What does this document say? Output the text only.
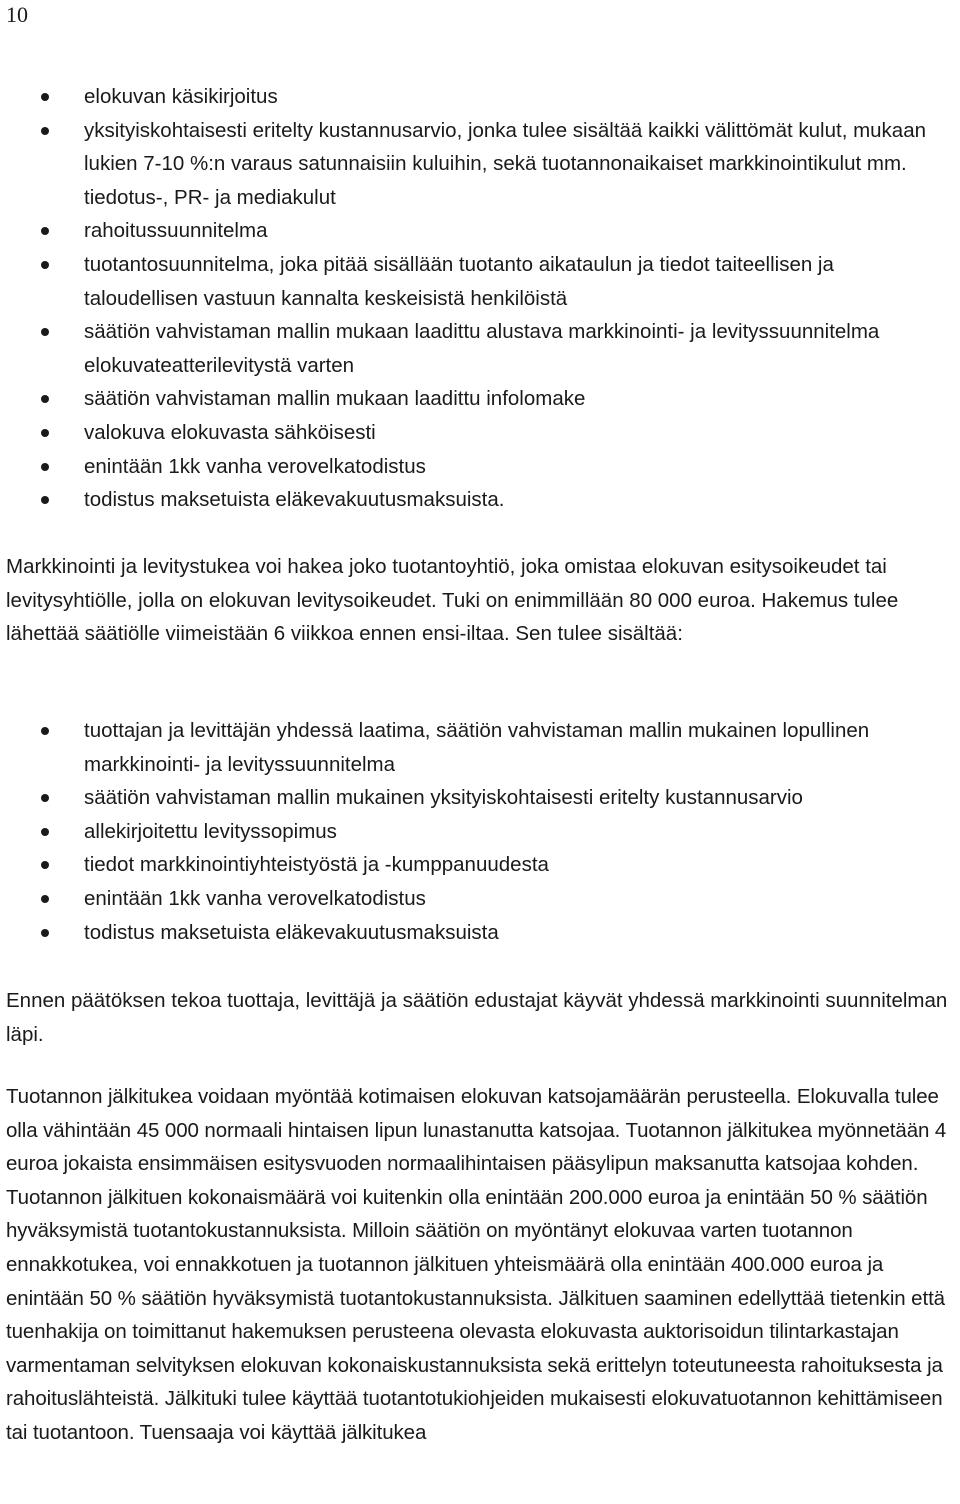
10
elokuvan käsikirjoitus
yksityiskohtaisesti eritelty kustannusarvio, jonka tulee sisältää kaikki välittömät kulut, mukaan lukien 7-10 %:n varaus satunnaisiin kuluihin, sekä tuotannonaikaiset markkinointikulut mm. tiedotus-, PR- ja mediakulut
rahoitussuunnitelma
tuotantosuunnitelma, joka pitää sisällään tuotanto aikataulun ja tiedot taiteellisen ja taloudellisen vastuun kannalta keskeisistä henkilöistä
säätiön vahvistaman mallin mukaan laadittu alustava markkinointi- ja levityssuunnitelma elokuvateatterilevitystä varten
säätiön vahvistaman mallin mukaan laadittu infolomake
valokuva elokuvasta sähköisesti
enintään 1kk vanha verovelkatodistus
todistus maksetuista eläkevakuutusmaksuista.

Markkinointi ja levitystukea voi hakea joko tuotantoyhtiö, joka omistaa elokuvan esitysoikeudet tai levitysyhtiölle, jolla on elokuvan levitysoikeudet. Tuki on enimmillään 80 000 euroa. Hakemus tulee lähettää säätiölle viimeistään 6 viikkoa ennen ensi-iltaa. Sen tulee sisältää:

tuottajan ja levittäjän yhdessä laatima, säätiön vahvistaman mallin mukainen lopullinen markkinointi- ja levityssuunnitelma
säätiön vahvistaman mallin mukainen yksityiskohtaisesti eritelty kustannusarvio
allekirjoitettu levityssopimus
tiedot markkinointiyhteistyöstä ja -kumppanuudesta
enintään 1kk vanha verovelkatodistus
todistus maksetuista eläkevakuutusmaksuista

Ennen päätöksen tekoa tuottaja, levittäjä ja säätiön edustajat käyvät yhdessä markkinointi suunnitelman läpi.

Tuotannon jälkitukea voidaan myöntää kotimaisen elokuvan katsojamäärän perusteella. Elokuvalla tulee olla vähintään 45 000 normaali hintaisen lipun lunastanutta katsojaa. Tuotannon jälkitukea myönnetään 4 euroa jokaista ensimmäisen esitysvuoden normaalihintaisen pääsylipun maksanutta katsojaa kohden. Tuotannon jälkituen kokonaismäärä voi kuitenkin olla enintään 200.000 euroa ja enintään 50 % säätiön hyväksymistä tuotantokustannuksista. Milloin säätiön on myöntänyt elokuvaa varten tuotannon ennakkotukea, voi ennakkotuen ja tuotannon jälkituen yhteismäärä olla enintään 400.000 euroa ja enintään 50 % säätiön hyväksymistä tuotantokustannuksista. Jälkituen saaminen edellyttää tietenkin että tuenhakija on toimittanut hakemuksen perusteena olevasta elokuvasta auktorisoidun tilintarkastajan varmentaman selvityksen elokuvan kokonaiskustannuksista sekä erittelyn toteutuneesta rahoituksesta ja rahoituslähteistä. Jälkituki tulee käyttää tuotantotukiohjeiden mukaisesti elokuvatuotannon kehittämiseen tai tuotantoon. Tuensaaja voi käyttää jälkitukea
